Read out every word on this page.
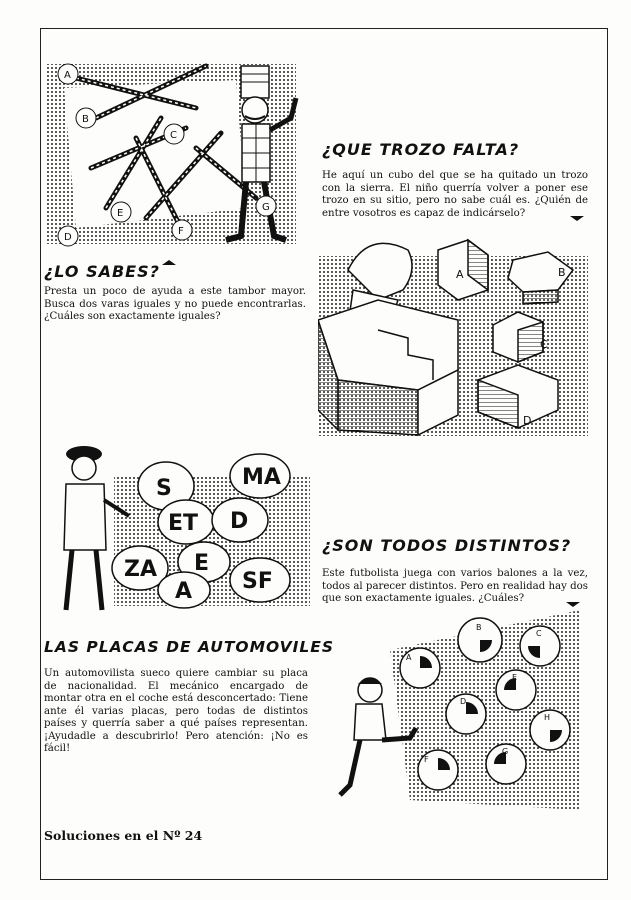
A
B
C
D
E
F
G
¿QUE TROZO FALTA?
He aquí un cubo del que se ha quitado un trozo con la sierra. El niño querría volver a poner ese trozo en su sitio, pero no sabe cuál es. ¿Quién de entre vosotros es capaz de indicárselo?
¿LO SABES?
Presta un poco de ayuda a este tambor mayor. Busca dos varas iguales y no puede encontrarlas. ¿Cuáles son exactamente iguales?
A	B
C
D
MA
S
ET D
E
ZA
A SF
¿SON TODOS DISTINTOS?
Este futbolista juega con varios balones a la vez, todos al parecer distintos. Pero en realidad hay dos que son exactamente iguales. ¿Cuáles?
LAS PLACAS DE AUTOMOVILES
Un automovilista sueco quiere cambiar su placa de nacionalidad. El mecánico encargado de montar otra en el coche está desconcertado: Tiene ante él varias placas, pero todas de distintos países y querría saber a qué países representan. ¡Ayudadle a descubrirlo! Pero atención: ¡No es fácil!
A
B
C
D
E
F
G
H
Soluciones en el Nº 24
